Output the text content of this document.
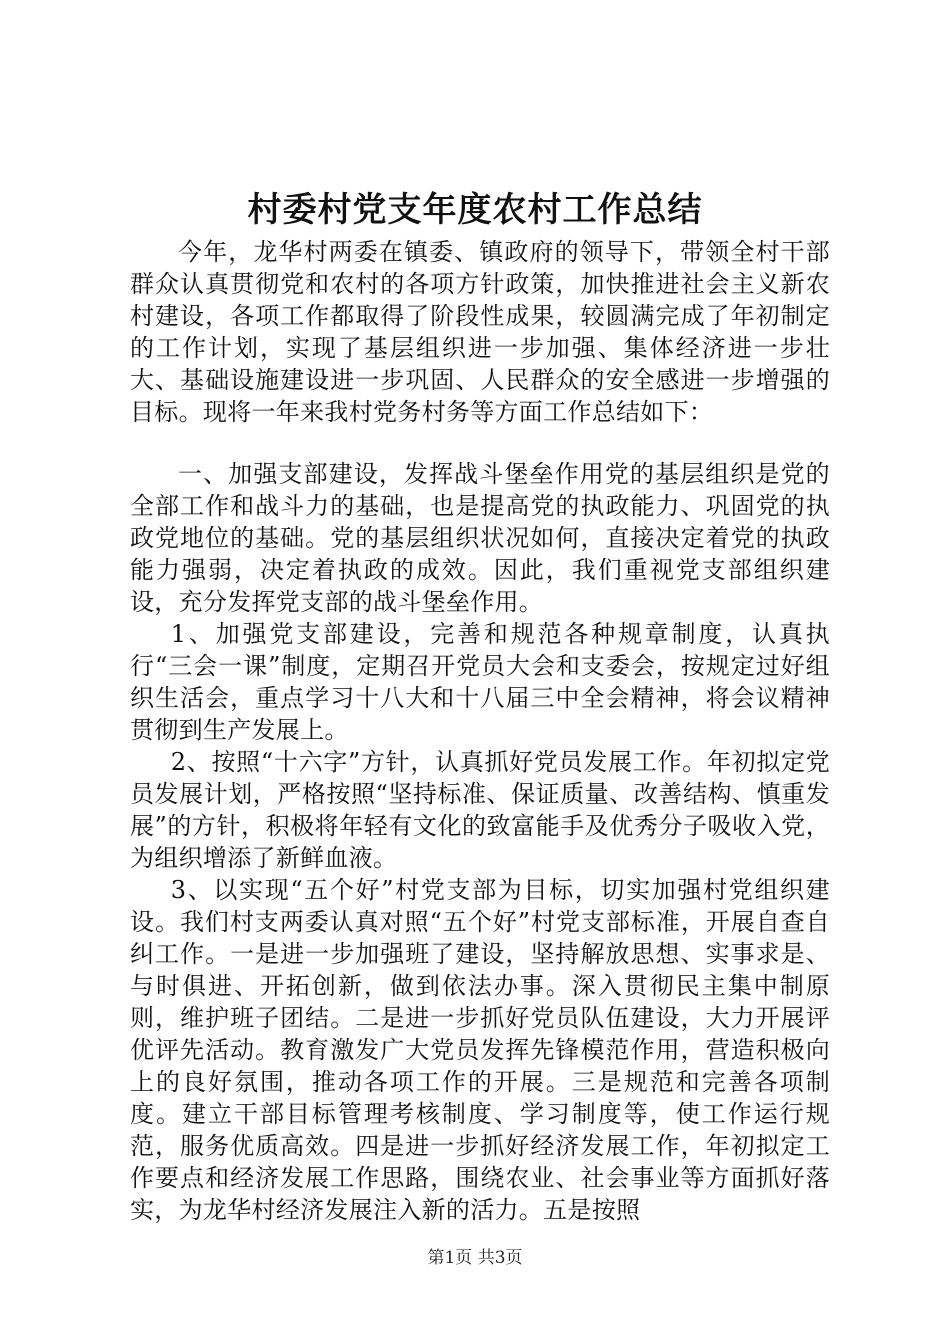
村委村党支年度农村工作总结

今年，龙华村两委在镇委、镇政府的领导下，带领全村干部群众认真贯彻党和农村的各项方针政策，加快推进社会主义新农村建设，各项工作都取得了阶段性成果，较圆满完成了年初制定的工作计划，实现了基层组织进一步加强、集体经济进一步壮大、基础设施建设进一步巩固、人民群众的安全感进一步增强的目标。现将一年来我村党务村务等方面工作总结如下：

一、加强支部建设，发挥战斗堡垒作用党的基层组织是党的全部工作和战斗力的基础，也是提高党的执政能力、巩固党的执政党地位的基础。党的基层组织状况如何，直接决定着党的执政能力强弱，决定着执政的成效。因此，我们重视党支部组织建设，充分发挥党支部的战斗堡垒作用。

1、加强党支部建设，完善和规范各种规章制度，认真执行“三会一课”制度，定期召开党员大会和支委会，按规定过好组织生活会，重点学习十八大和十八届三中全会精神，将会议精神贯彻到生产发展上。

2、按照“十六字”方针，认真抓好党员发展工作。年初拟定党员发展计划，严格按照“坚持标准、保证质量、改善结构、慎重发展”的方针，积极将年轻有文化的致富能手及优秀分子吸收入党，为组织增添了新鲜血液。

3、以实现“五个好”村党支部为目标，切实加强村党组织建设。我们村支两委认真对照“五个好”村党支部标准，开展自查自纠工作。一是进一步加强班了建设，坚持解放思想、实事求是、与时俱进、开拓创新，做到依法办事。深入贯彻民主集中制原则，维护班子团结。二是进一步抓好党员队伍建设，大力开展评优评先活动。教育激发广大党员发挥先锋模范作用，营造积极向上的良好氛围，推动各项工作的开展。三是规范和完善各项制度。建立干部目标管理考核制度、学习制度等，使工作运行规范，服务优质高效。四是进一步抓好经济发展工作，年初拟定工作要点和经济发展工作思路，围绕农业、社会事业等方面抓好落实，为龙华村经济发展注入新的活力。五是按照

第1页 共3页
